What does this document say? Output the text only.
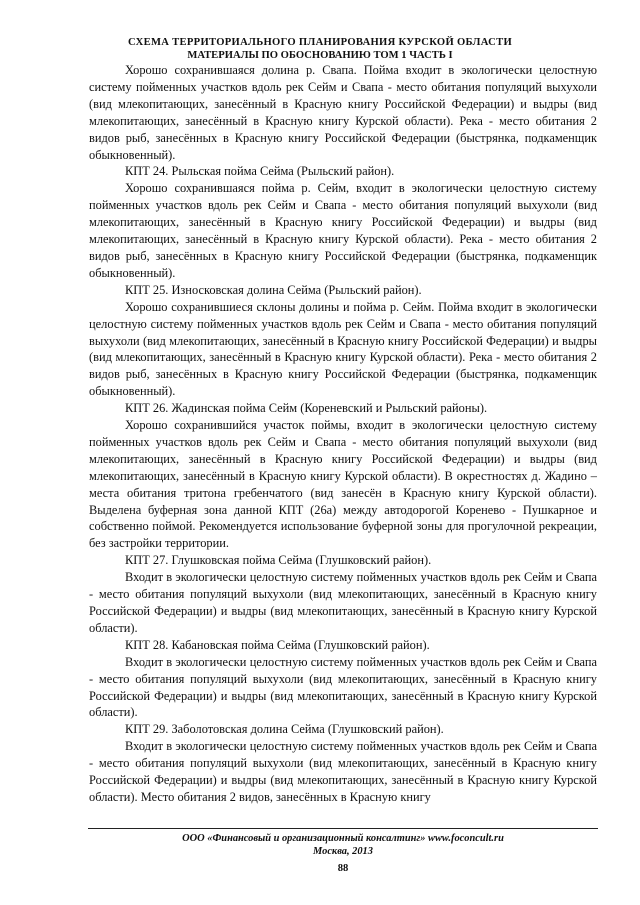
СХЕМА ТЕРРИТОРИАЛЬНОГО ПЛАНИРОВАНИЯ КУРСКОЙ ОБЛАСТИ
МАТЕРИАЛЫ ПО ОБОСНОВАНИЮ ТОМ 1 ЧАСТЬ I

Хорошо сохранившаяся долина р. Свапа. Пойма входит в экологически целостную систему пойменных участков вдоль рек Сейм и Свапа - место обитания популяций выхухоли (вид млекопитающих, занесённый в Красную книгу Российской Федерации) и выдры (вид млекопитающих, занесённый в Красную книгу Курской области). Река - место обитания 2 видов рыб, занесённых в Красную книгу Российской Федерации (быстрянка, подкаменщик обыкновенный).

КПТ 24. Рыльская пойма Сейма (Рыльский район).

Хорошо сохранившаяся пойма р. Сейм, входит в экологически целостную систему пойменных участков вдоль рек Сейм и Свапа - место обитания популяций выхухоли (вид млекопитающих, занесённый в Красную книгу Российской Федерации) и выдры (вид млекопитающих, занесённый в Красную книгу Курской области). Река - место обитания 2 видов рыб, занесённых в Красную книгу Российской Федерации (быстрянка, подкаменщик обыкновенный).

КПТ 25. Износковская долина Сейма (Рыльский район).

Хорошо сохранившиеся склоны долины и пойма р. Сейм. Пойма входит в экологически целостную систему пойменных участков вдоль рек Сейм и Свапа - место обитания популяций выхухоли (вид млекопитающих, занесённый в Красную книгу Российской Федерации) и выдры (вид млекопитающих, занесённый в Красную книгу Курской области). Река - место обитания 2 видов рыб, занесённых в Красную книгу Российской Федерации (быстрянка, подкаменщик обыкновенный).

КПТ 26. Жадинская пойма Сейм (Кореневский и Рыльский районы).

Хорошо сохранившийся участок поймы, входит в экологически целостную систему пойменных участков вдоль рек Сейм и Свапа - место обитания популяций выхухоли (вид млекопитающих, занесённый в Красную книгу Российской Федерации) и выдры (вид млекопитающих, занесённый в Красную книгу Курской области). В окрестностях д. Жадино – места обитания тритона гребенчатого (вид занесён в Красную книгу Курской области). Выделена буферная зона данной КПТ (26а) между автодорогой Коренево - Пушкарное и собственно поймой. Рекомендуется использование буферной зоны для прогулочной рекреации, без застройки территории.

КПТ 27. Глушковская пойма Сейма (Глушковский район).

Входит в экологически целостную систему пойменных участков вдоль рек Сейм и Свапа - место обитания популяций выхухоли (вид млекопитающих, занесённый в Красную книгу Российской Федерации) и выдры (вид млекопитающих, занесённый в Красную книгу Курской области).

КПТ 28. Кабановская пойма Сейма (Глушковский район).

Входит в экологически целостную систему пойменных участков вдоль рек Сейм и Свапа - место обитания популяций выхухоли (вид млекопитающих, занесённый в Красную книгу Российской Федерации) и выдры (вид млекопитающих, занесённый в Красную книгу Курской области).

КПТ 29. Заболотовская долина Сейма (Глушковский район).

Входит в экологически целостную систему пойменных участков вдоль рек Сейм и Свапа - место обитания популяций выхухоли (вид млекопитающих, занесённый в Красную книгу Российской Федерации) и выдры (вид млекопитающих, занесённый в Красную книгу Курской области). Место обитания 2 видов, занесённых в Красную книгу

ООО «Финансовый и организационный консалтинг» www.foconcult.ru
Москва, 2013
88
